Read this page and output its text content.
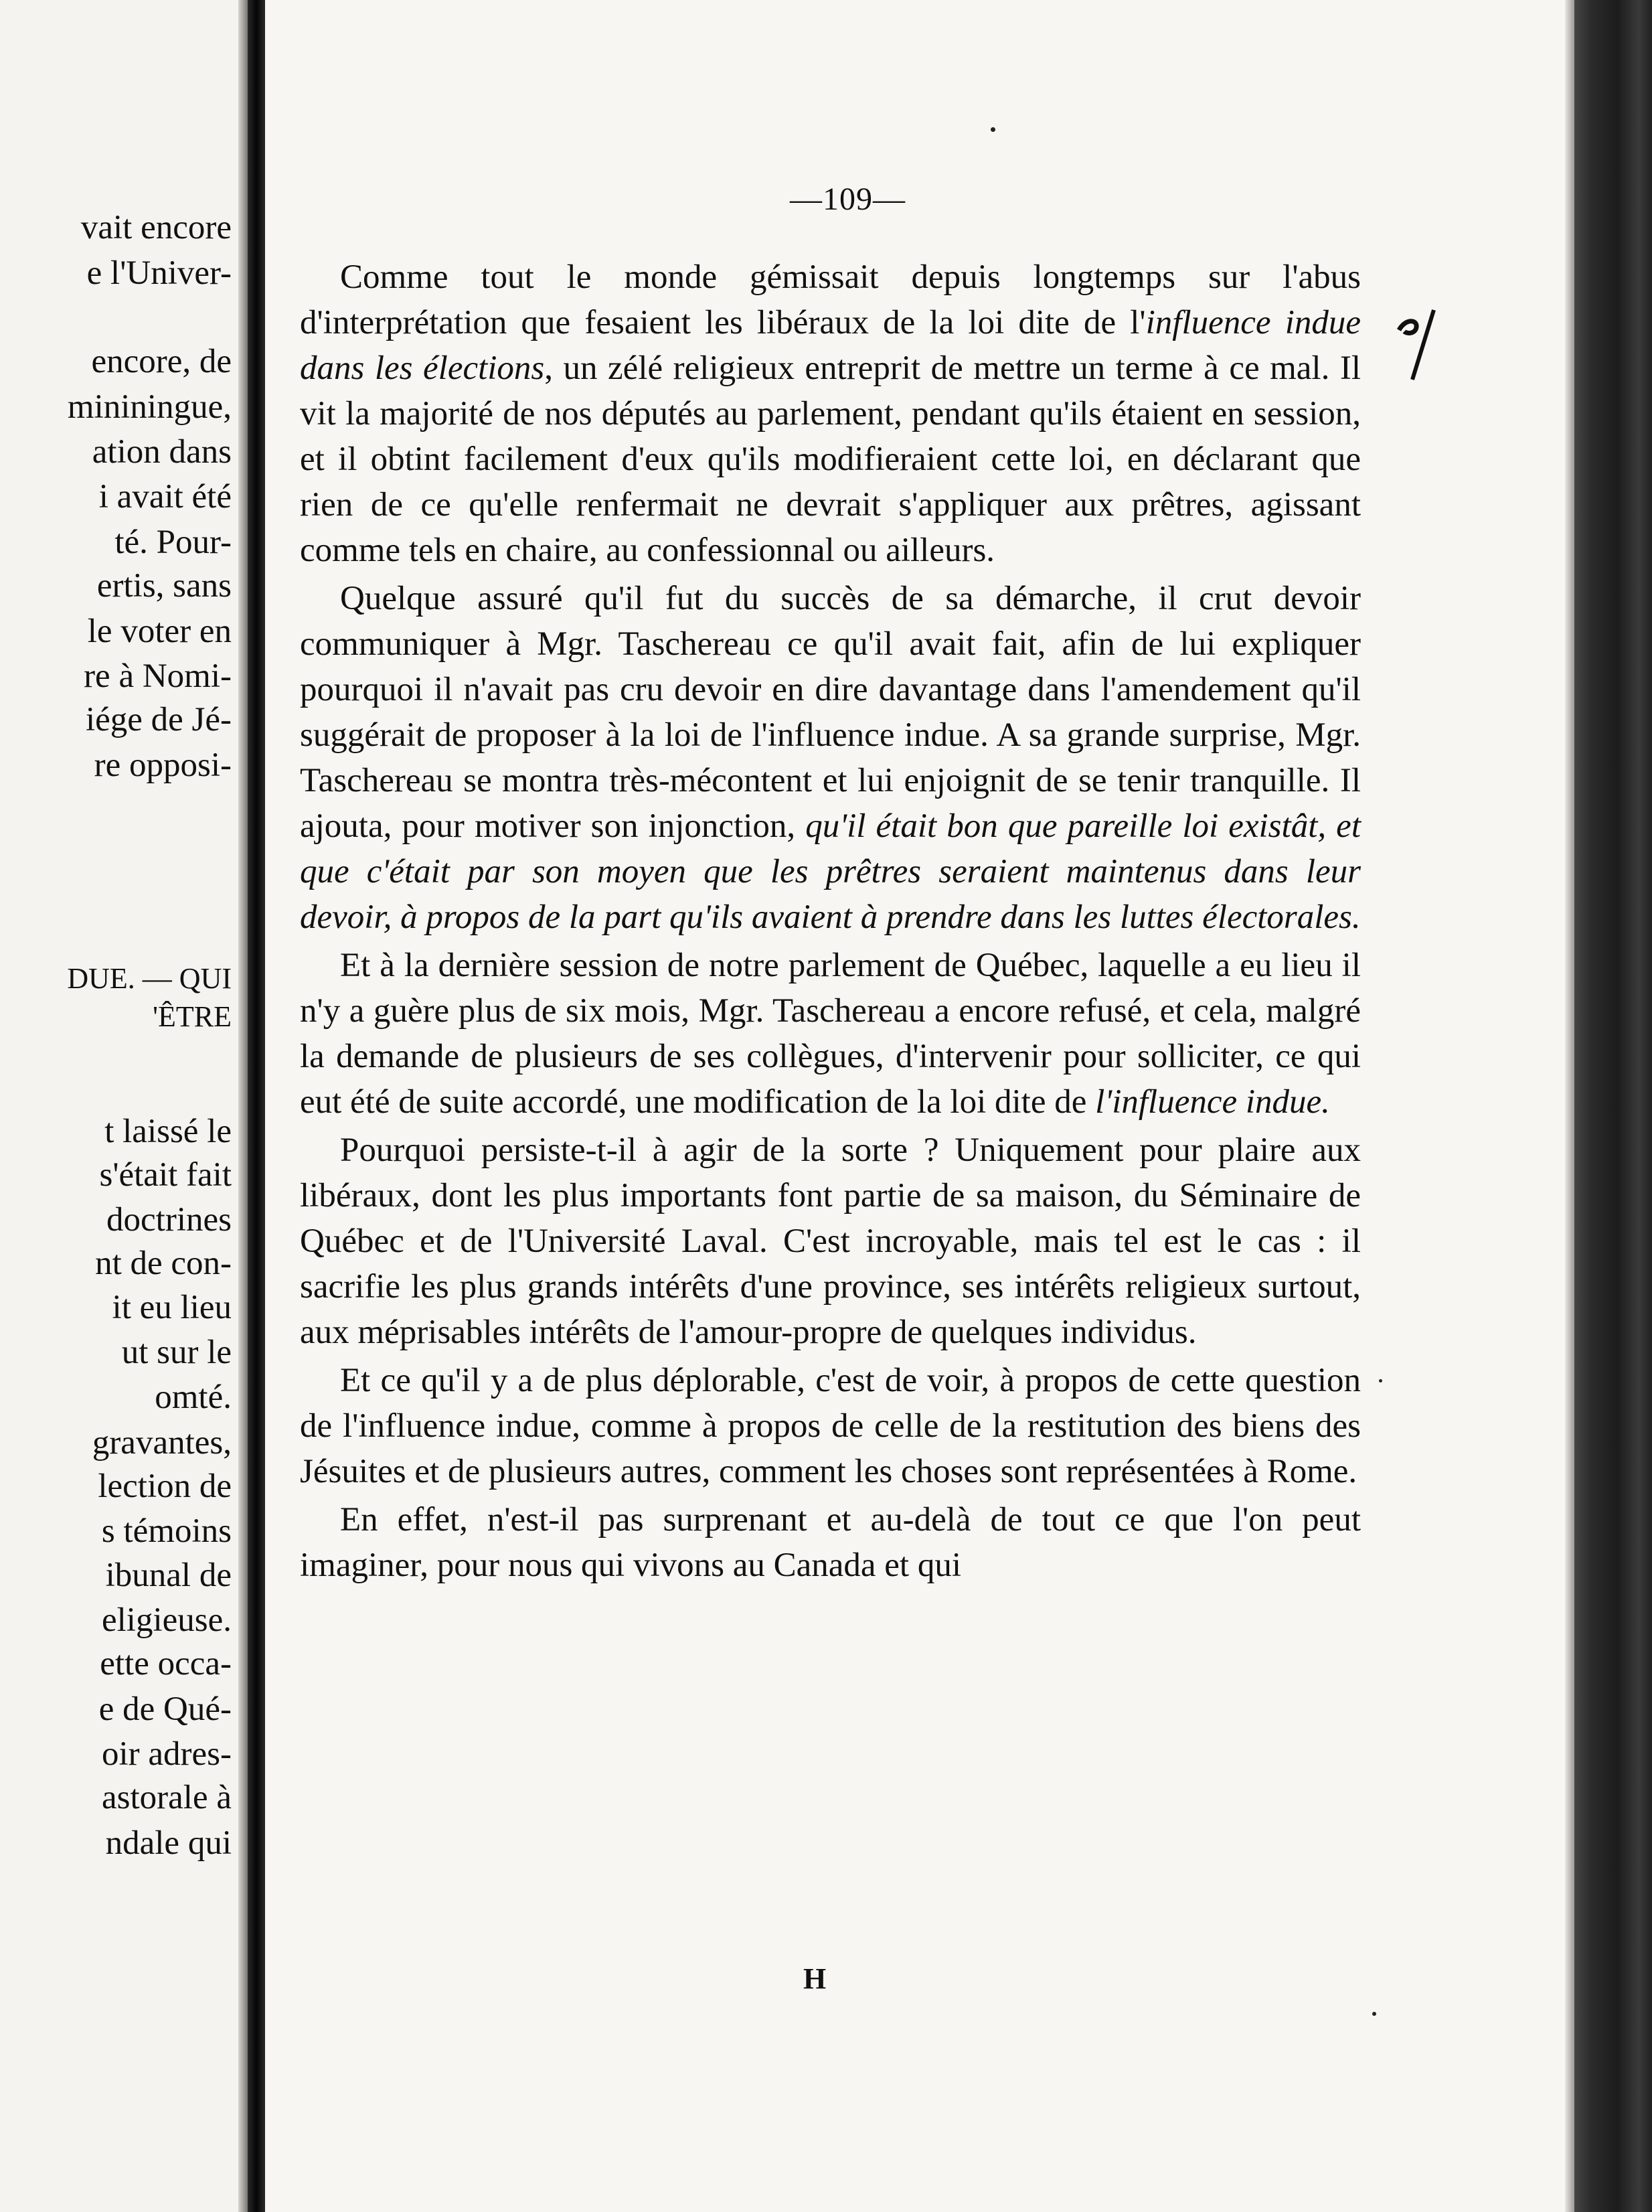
vait encore
e l'Univer-
encore, de
mininingue,
ation dans
i avait été
té. Pour-
ertis, sans
le voter en
re à Nomi-
iége de Jé-
re opposi-
DUE. — QUI
'ÊTRE
t laissé le
s'était fait
doctrines
nt de con-
it eu lieu
ut sur le
omté.
gravantes,
lection de
s témoins
ibunal de
eligieuse.
ette occa-
e de Qué-
oir adres-
astorale à
ndale qui
—109—

Comme tout le monde gémissait depuis longtemps sur l'abus d'interprétation que fesaient les libéraux de la loi dite de l'influence indue dans les élections, un zélé religieux entreprit de mettre un terme à ce mal. Il vit la majorité de nos députés au parlement, pendant qu'ils étaient en session, et il obtint facilement d'eux qu'ils modifieraient cette loi, en déclarant que rien de ce qu'elle renfermait ne devrait s'appliquer aux prêtres, agissant comme tels en chaire, au confessionnal ou ailleurs.

Quelque assuré qu'il fut du succès de sa démarche, il crut devoir communiquer à Mgr. Taschereau ce qu'il avait fait, afin de lui expliquer pourquoi il n'avait pas cru devoir en dire davantage dans l'amendement qu'il suggérait de proposer à la loi de l'influence indue. A sa grande surprise, Mgr. Taschereau se montra très-mécontent et lui enjoignit de se tenir tranquille. Il ajouta, pour motiver son injonction, qu'il était bon que pareille loi existât, et que c'était par son moyen que les prêtres seraient maintenus dans leur devoir, à propos de la part qu'ils avaient à prendre dans les luttes électorales.

Et à la dernière session de notre parlement de Québec, laquelle a eu lieu il n'y a guère plus de six mois, Mgr. Taschereau a encore refusé, et cela, malgré la demande de plusieurs de ses collègues, d'intervenir pour solliciter, ce qui eut été de suite accordé, une modification de la loi dite de l'influence indue.

Pourquoi persiste-t-il à agir de la sorte ? Uniquement pour plaire aux libéraux, dont les plus importants font partie de sa maison, du Séminaire de Québec et de l'Université Laval. C'est incroyable, mais tel est le cas : il sacrifie les plus grands intérêts d'une province, ses intérêts religieux surtout, aux méprisables intérêts de l'amour-propre de quelques individus.

Et ce qu'il y a de plus déplorable, c'est de voir, à propos de cette question de l'influence indue, comme à propos de celle de la restitution des biens des Jésuites et de plusieurs autres, comment les choses sont représentées à Rome.

En effet, n'est-il pas surprenant et au-delà de tout ce que l'on peut imaginer, pour nous qui vivons au Canada et qui

H
